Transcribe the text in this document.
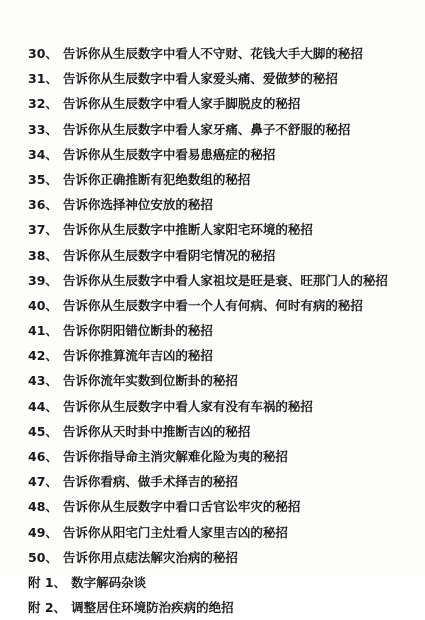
30、 告诉你从生辰数字中看人不守财、花钱大手大脚的秘招
31、 告诉你从生辰数字中看人家爱头痛、爱做梦的秘招
32、 告诉你从生辰数字中看人家手脚脱皮的秘招
33、 告诉你从生辰数字中看人家牙痛、鼻子不舒服的秘招
34、 告诉你从生辰数字中看易患癌症的秘招
35、 告诉你正确推断有犯绝数组的秘招
36、 告诉你选择神位安放的秘招
37、 告诉你从生辰数字中推断人家阳宅环境的秘招
38、 告诉你从生辰数字中看阴宅情况的秘招
39、 告诉你从生辰数字中看人家祖坟是旺是衰、旺那门人的秘招
40、 告诉你从生辰数字中看一个人有何病、何时有病的秘招
41、 告诉你阴阳错位断卦的秘招
42、 告诉你推算流年吉凶的秘招
43、 告诉你流年实数到位断卦的秘招
44、 告诉你从生辰数字中看人家有没有车祸的秘招
45、 告诉你从天时卦中推断吉凶的秘招
46、 告诉你指导命主消灾解难化险为夷的秘招
47、 告诉你看病、做手术择吉的秘招
48、 告诉你从生辰数字中看口舌官讼牢灾的秘招
49、 告诉你从阳宅门主灶看人家里吉凶的秘招
50、 告诉你用点痣法解灾治病的秘招
附 1、 数字解码杂谈
附 2、 调整居住环境防治疾病的绝招
